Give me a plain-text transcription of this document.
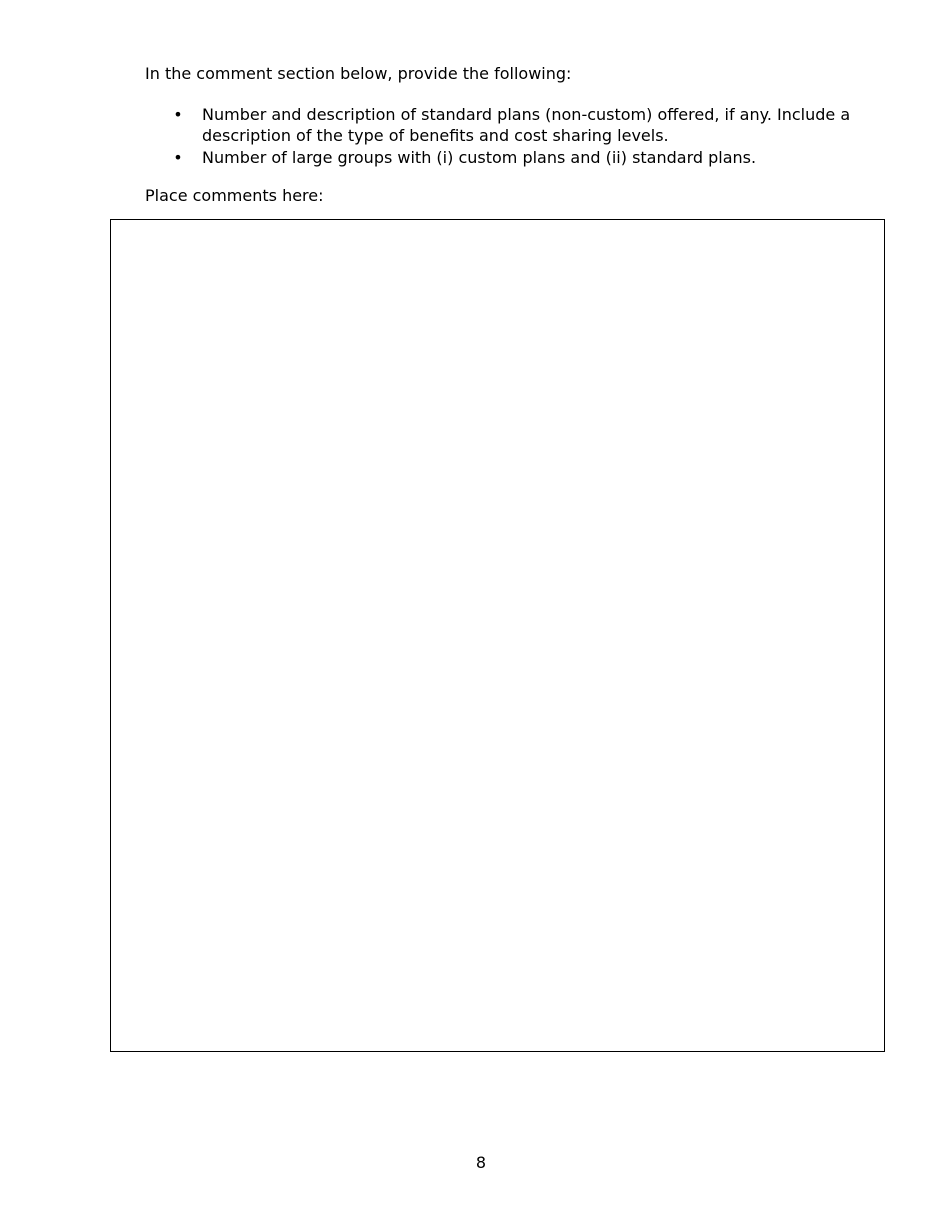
In the comment section below, provide the following:

• Number and description of standard plans (non-custom) offered, if any. Include a description of the type of benefits and cost sharing levels.
• Number of large groups with (i) custom plans and (ii) standard plans.

Place comments here:

8
